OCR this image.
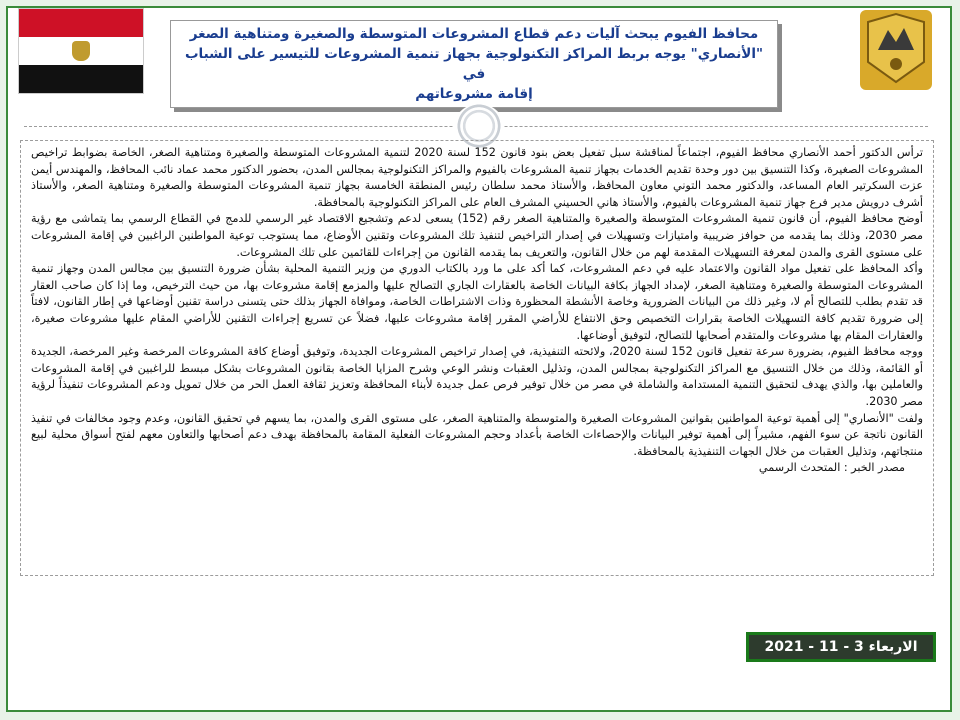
محافظ الفيوم يبحث آليات دعم قطاع المشروعات المتوسطة والصغيرة ومتناهية الصغر
"الأنصاري" يوجه بربط المراكز التكنولوجية بجهاز تنمية المشروعات للتيسير على الشباب في
إقامة مشروعاتهم

ترأس الدكتور أحمد الأنصاري محافظ الفيوم، اجتماعاً لمناقشة سبل تفعيل بعض بنود قانون 152 لسنة 2020 لتنمية المشروعات المتوسطة والصغيرة ومتناهية الصغر، الخاصة بضوابط تراخيص المشروعات الصغيرة، وكذا التنسيق بين دور وحدة تقديم الخدمات بجهاز تنمية المشروعات بالفيوم والمراكز التكنولوجية بمجالس المدن، بحضور الدكتور محمد عماد نائب المحافظ، والمهندس أيمن عزت السكرتير العام المساعد، والدكتور محمد التوني معاون المحافظ، والأستاذ محمد سلطان رئيس المنطقة الخامسة بجهاز تنمية المشروعات المتوسطة والصغيرة ومتناهية الصغر، والأستاذ أشرف درويش مدير فرع جهاز تنمية المشروعات بالفيوم، والأستاذ هاني الحسيني المشرف العام على المراكز التكنولوجية بالمحافظة.

أوضح محافظ الفيوم، أن قانون تنمية المشروعات المتوسطة والصغيرة والمتناهية الصغر رقم (152) يسعى لدعم وتشجيع الاقتصاد غير الرسمي للدمج في القطاع الرسمي بما يتماشى مع رؤية مصر 2030، وذلك بما يقدمه من حوافز ضريبية وامتيازات وتسهيلات في إصدار التراخيص لتنفيذ تلك المشروعات وتقنين الأوضاع، مما يستوجب توعية المواطنين الراغبين في إقامة المشروعات على مستوى القرى والمدن لمعرفة التسهيلات المقدمة لهم من خلال القانون، والتعريف بما يقدمه القانون من إجراءات للقائمين على تلك المشروعات.

وأكد المحافظ على تفعيل مواد القانون والاعتماد عليه في دعم المشروعات، كما أكد على ما ورد بالكتاب الدوري من وزير التنمية المحلية بشأن ضرورة التنسيق بين مجالس المدن وجهاز تنمية المشروعات المتوسطة والصغيرة ومتناهية الصغر، لإمداد الجهاز بكافة البيانات الخاصة بالعقارات الجاري التصالح عليها والمزمع إقامة مشروعات بها، من حيث الترخيص، وما إذا كان صاحب العقار قد تقدم بطلب للتصالح أم لا، وغير ذلك من البيانات الضرورية وخاصة الأنشطة المحظورة وذات الاشتراطات الخاصة، وموافاة الجهاز بذلك حتى يتسنى دراسة تقنين أوضاعها في إطار القانون، لافتاً إلى ضرورة تقديم كافة التسهيلات الخاصة بقرارات التخصيص وحق الانتفاع للأراضي المقرر إقامة مشروعات عليها، فضلاً عن تسريع إجراءات التقنين للأراضي المقام عليها مشروعات صغيرة، والعقارات المقام بها مشروعات والمتقدم أصحابها للتصالح، لتوفيق أوضاعها.

ووجه محافظ الفيوم، بضرورة سرعة تفعيل قانون 152 لسنة 2020، ولائحته التنفيذية، في إصدار تراخيص المشروعات الجديدة، وتوفيق أوضاع كافة المشروعات المرخصة وغير المرخصة، الجديدة أو القائمة، وذلك من خلال التنسيق مع المراكز التكنولوجية بمجالس المدن، وتذليل العقبات ونشر الوعي وشرح المزايا الخاصة بقانون المشروعات بشكل مبسط للراغبين في إقامة المشروعات والعاملين بها، والذي يهدف لتحقيق التنمية المستدامة والشاملة في مصر من خلال توفير فرص عمل جديدة لأبناء المحافظة وتعزيز ثقافة العمل الحر من خلال تمويل ودعم المشروعات تنفيذاً لرؤية مصر 2030.

ولفت "الأنصاري" إلى أهمية توعية المواطنين بقوانين المشروعات الصغيرة والمتوسطة والمتناهية الصغر، على مستوى القرى والمدن، بما يسهم في تحقيق القانون، وعدم وجود مخالفات في تنفيذ القانون ناتجة عن سوء الفهم، مشيراً إلى أهمية توفير البيانات والإحصاءات الخاصة بأعداد وحجم المشروعات الفعلية المقامة بالمحافظة بهدف دعم أصحابها والتعاون معهم لفتح أسواق محلية لبيع منتجاتهم، وتذليل العقبات من خلال الجهات التنفيذية بالمحافظة.

مصدر الخبر : المتحدث الرسمي

الاربعاء 3 - 11 - 2021
